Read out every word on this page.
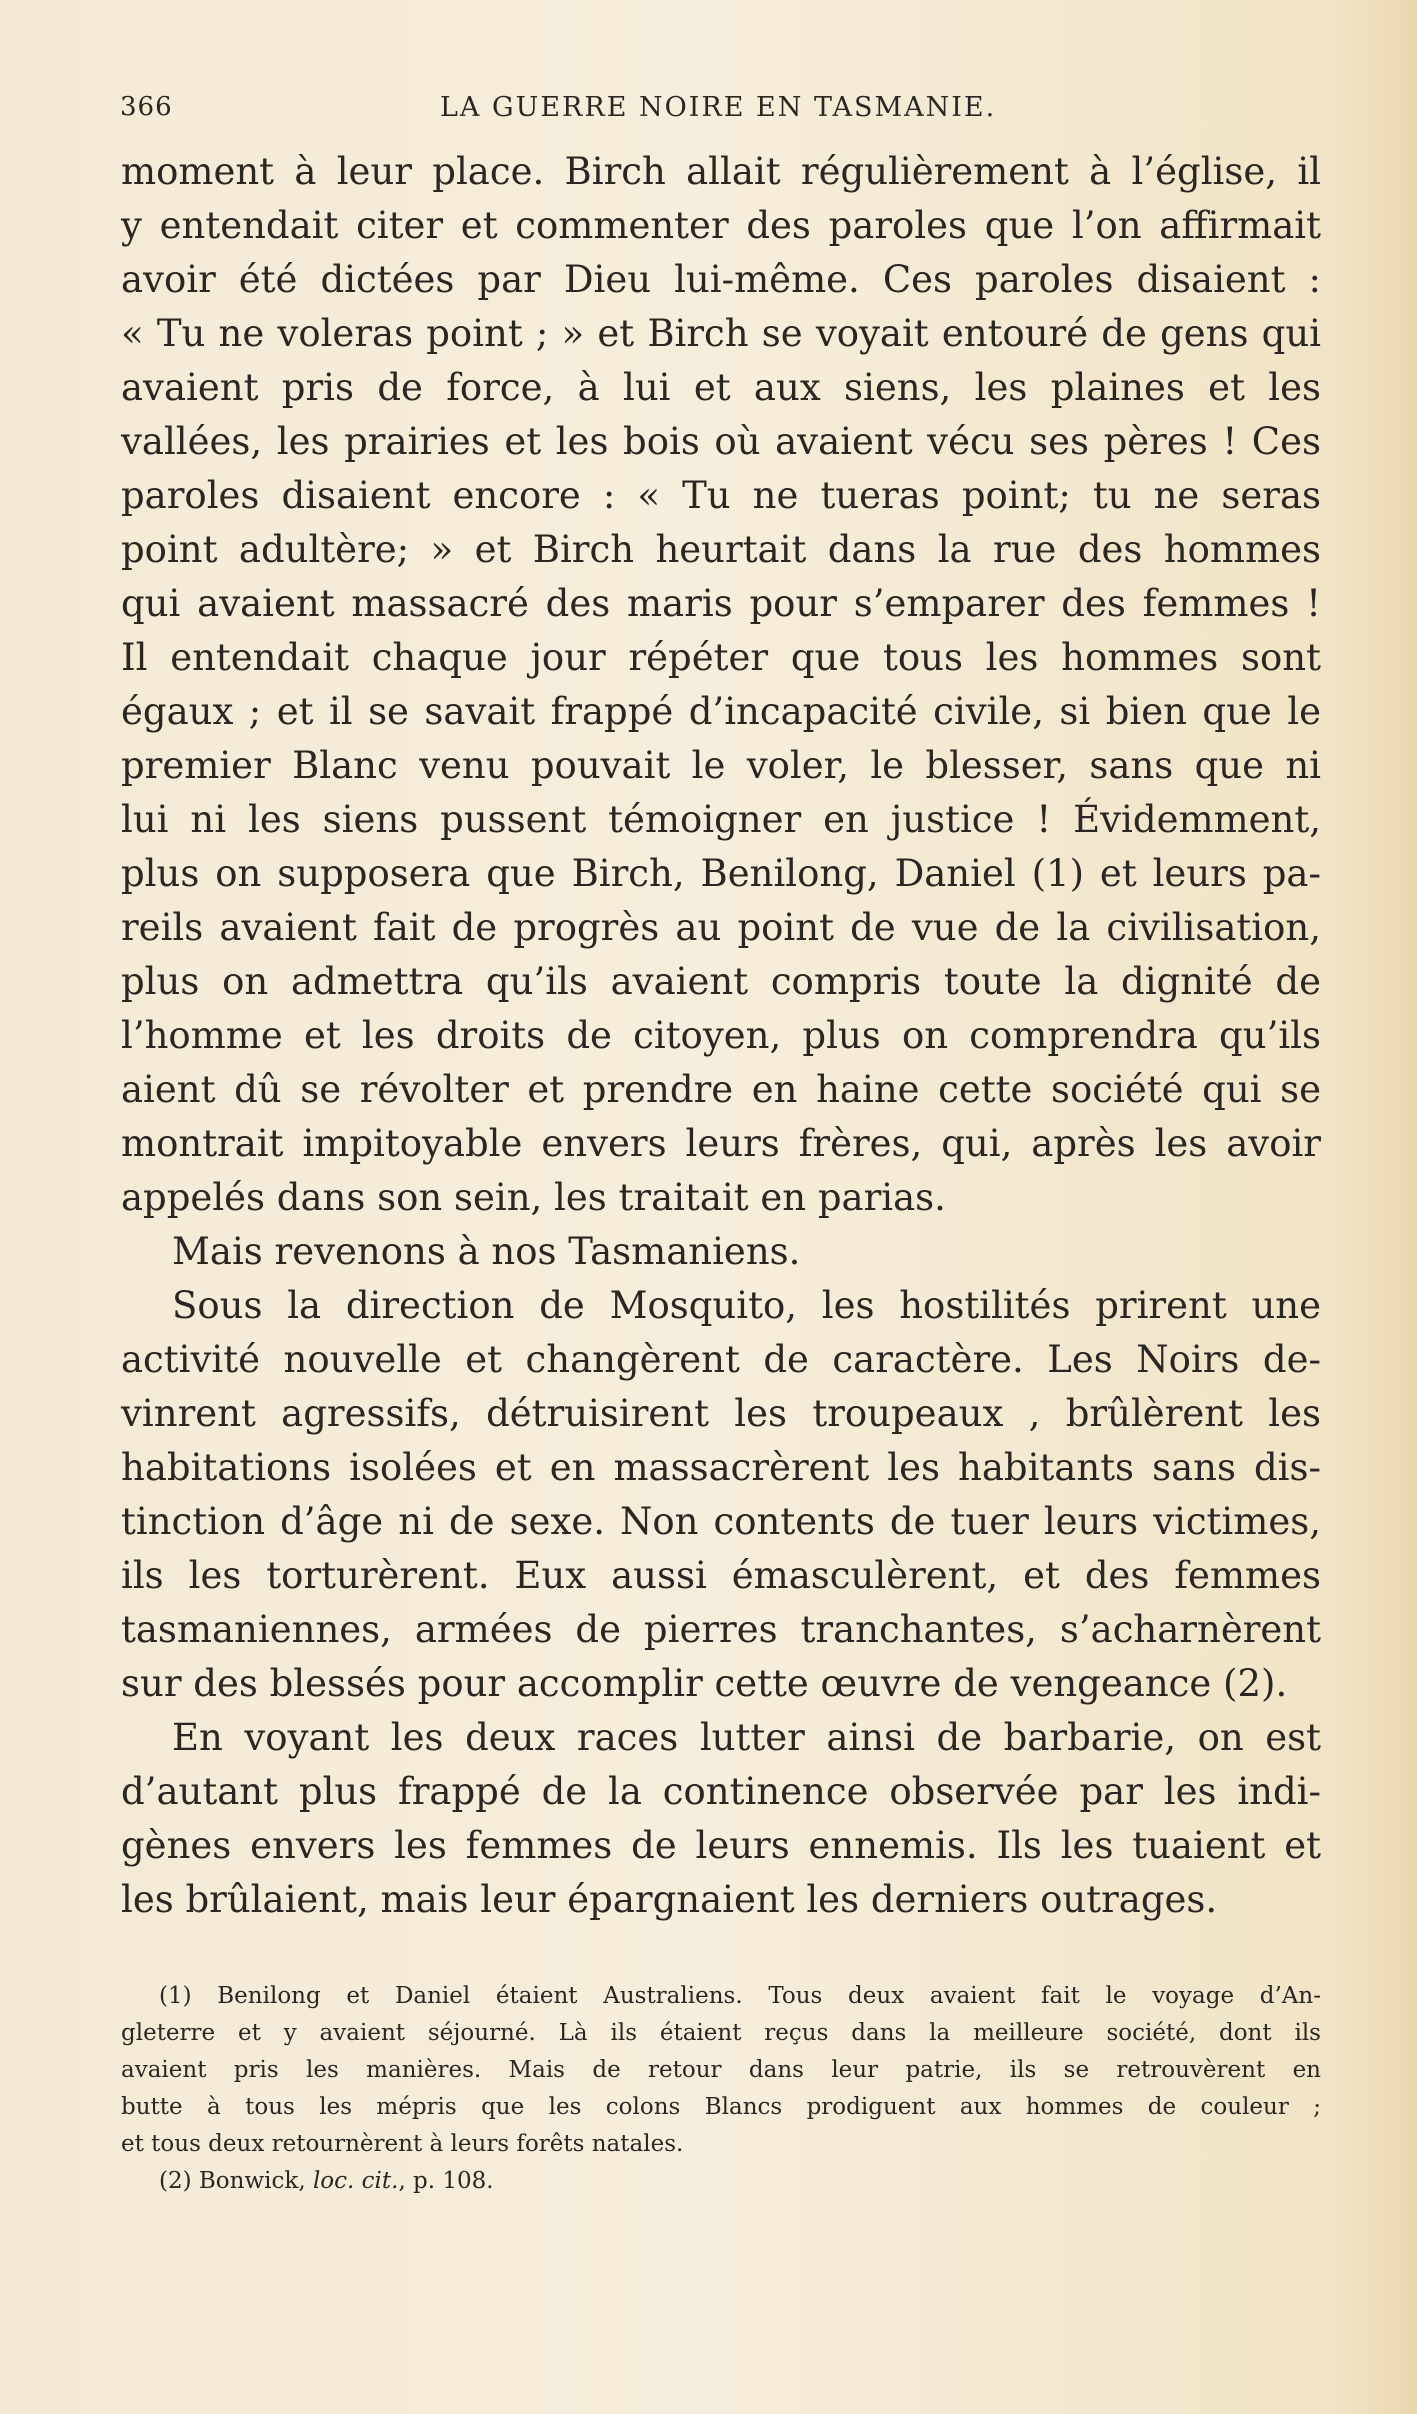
366	LA GUERRE NOIRE EN TASMANIE.
moment à leur place. Birch allait régulièrement à l’église, il
y entendait citer et commenter des paroles que l’on affirmait
avoir été dictées par Dieu lui-même. Ces paroles disaient :
« Tu ne voleras point ; » et Birch se voyait entouré de gens qui
avaient pris de force, à lui et aux siens, les plaines et les
vallées, les prairies et les bois où avaient vécu ses pères ! Ces
paroles disaient encore : « Tu ne tueras point; tu ne seras
point adultère; » et Birch heurtait dans la rue des hommes
qui avaient massacré des maris pour s’emparer des femmes !
Il entendait chaque jour répéter que tous les hommes sont
égaux ; et il se savait frappé d’incapacité civile, si bien que le
premier Blanc venu pouvait le voler, le blesser, sans que ni
lui ni les siens pussent témoigner en justice ! Évidemment,
plus on supposera que Birch, Benilong, Daniel (1) et leurs pa-
reils avaient fait de progrès au point de vue de la civilisation,
plus on admettra qu’ils avaient compris toute la dignité de
l’homme et les droits de citoyen, plus on comprendra qu’ils
aient dû se révolter et prendre en haine cette société qui se
montrait impitoyable envers leurs frères, qui, après les avoir
appelés dans son sein, les traitait en parias.
Mais revenons à nos Tasmaniens.
Sous la direction de Mosquito, les hostilités prirent une
activité nouvelle et changèrent de caractère. Les Noirs de-
vinrent agressifs, détruisirent les troupeaux , brûlèrent les
habitations isolées et en massacrèrent les habitants sans dis-
tinction d’âge ni de sexe. Non contents de tuer leurs victimes,
ils les torturèrent. Eux aussi émasculèrent, et des femmes
tasmaniennes, armées de pierres tranchantes, s’acharnèrent
sur des blessés pour accomplir cette œuvre de vengeance (2).
En voyant les deux races lutter ainsi de barbarie, on est
d’autant plus frappé de la continence observée par les indi-
gènes envers les femmes de leurs ennemis. Ils les tuaient et
les brûlaient, mais leur épargnaient les derniers outrages.
(1) Benilong et Daniel étaient Australiens. Tous deux avaient fait le voyage d’An-
gleterre et y avaient séjourné. Là ils étaient reçus dans la meilleure société, dont ils
avaient pris les manières. Mais de retour dans leur patrie, ils se retrouvèrent en
butte à tous les mépris que les colons Blancs prodiguent aux hommes de couleur ;
et tous deux retournèrent à leurs forêts natales.
(2) Bonwick, loc. cit., p. 108.
